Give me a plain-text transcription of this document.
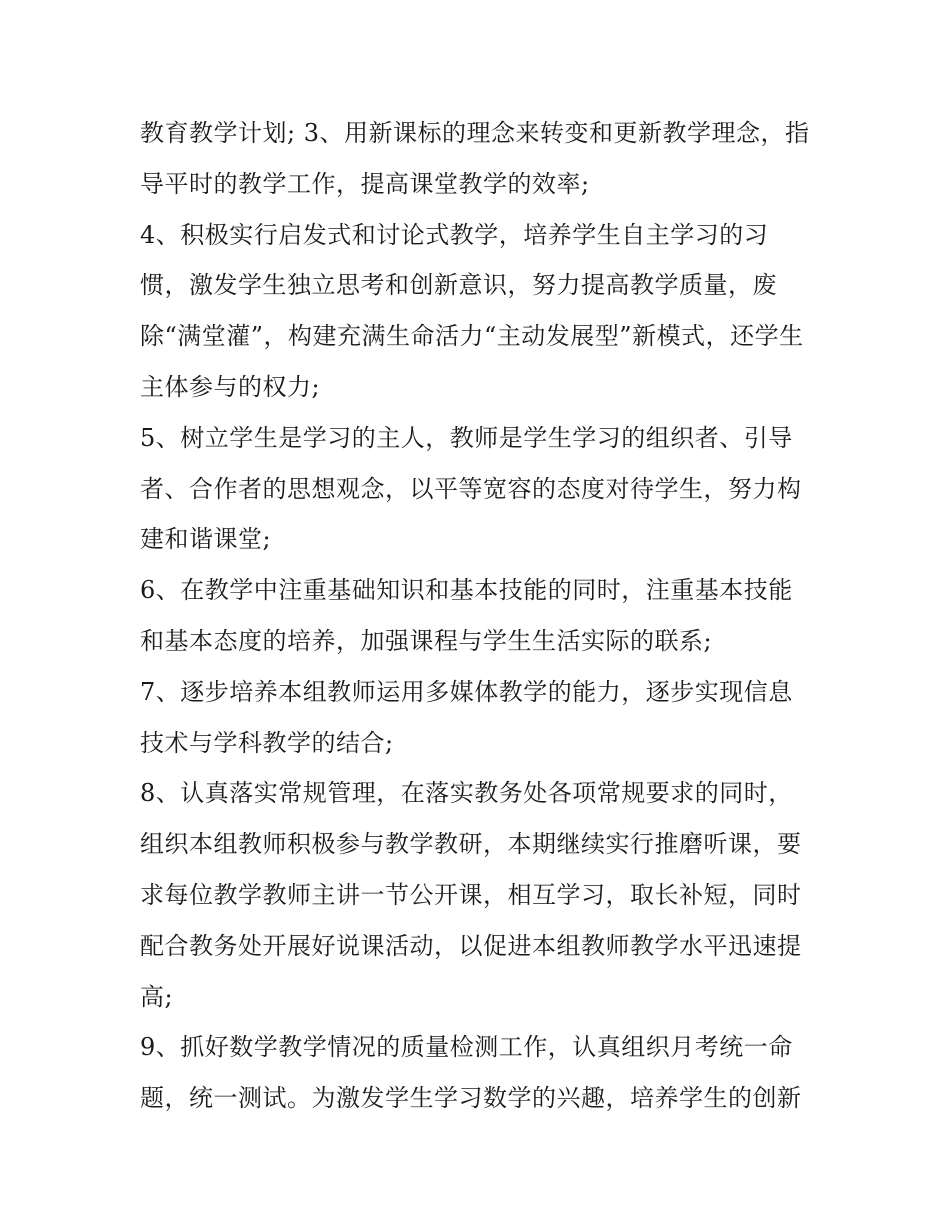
教育教学计划; 3、用新课标的理念来转变和更新教学理念，指
导平时的教学工作，提高课堂教学的效率;
4、积极实行启发式和讨论式教学，培养学生自主学习的习
惯，激发学生独立思考和创新意识，努力提高教学质量，废
除“满堂灌”，构建充满生命活力“主动发展型”新模式，还学生
主体参与的权力;
5、树立学生是学习的主人，教师是学生学习的组织者、引导
者、合作者的思想观念，以平等宽容的态度对待学生，努力构
建和谐课堂;
6、在教学中注重基础知识和基本技能的同时，注重基本技能
和基本态度的培养，加强课程与学生生活实际的联系;
7、逐步培养本组教师运用多媒体教学的能力，逐步实现信息
技术与学科教学的结合;
8、认真落实常规管理，在落实教务处各项常规要求的同时，
组织本组教师积极参与教学教研，本期继续实行推磨听课，要
求每位教学教师主讲一节公开课，相互学习，取长补短，同时
配合教务处开展好说课活动，以促进本组教师教学水平迅速提
高;
9、抓好数学教学情况的质量检测工作，认真组织月考统一命
题，统一测试。为激发学生学习数学的兴趣，培养学生的创新
